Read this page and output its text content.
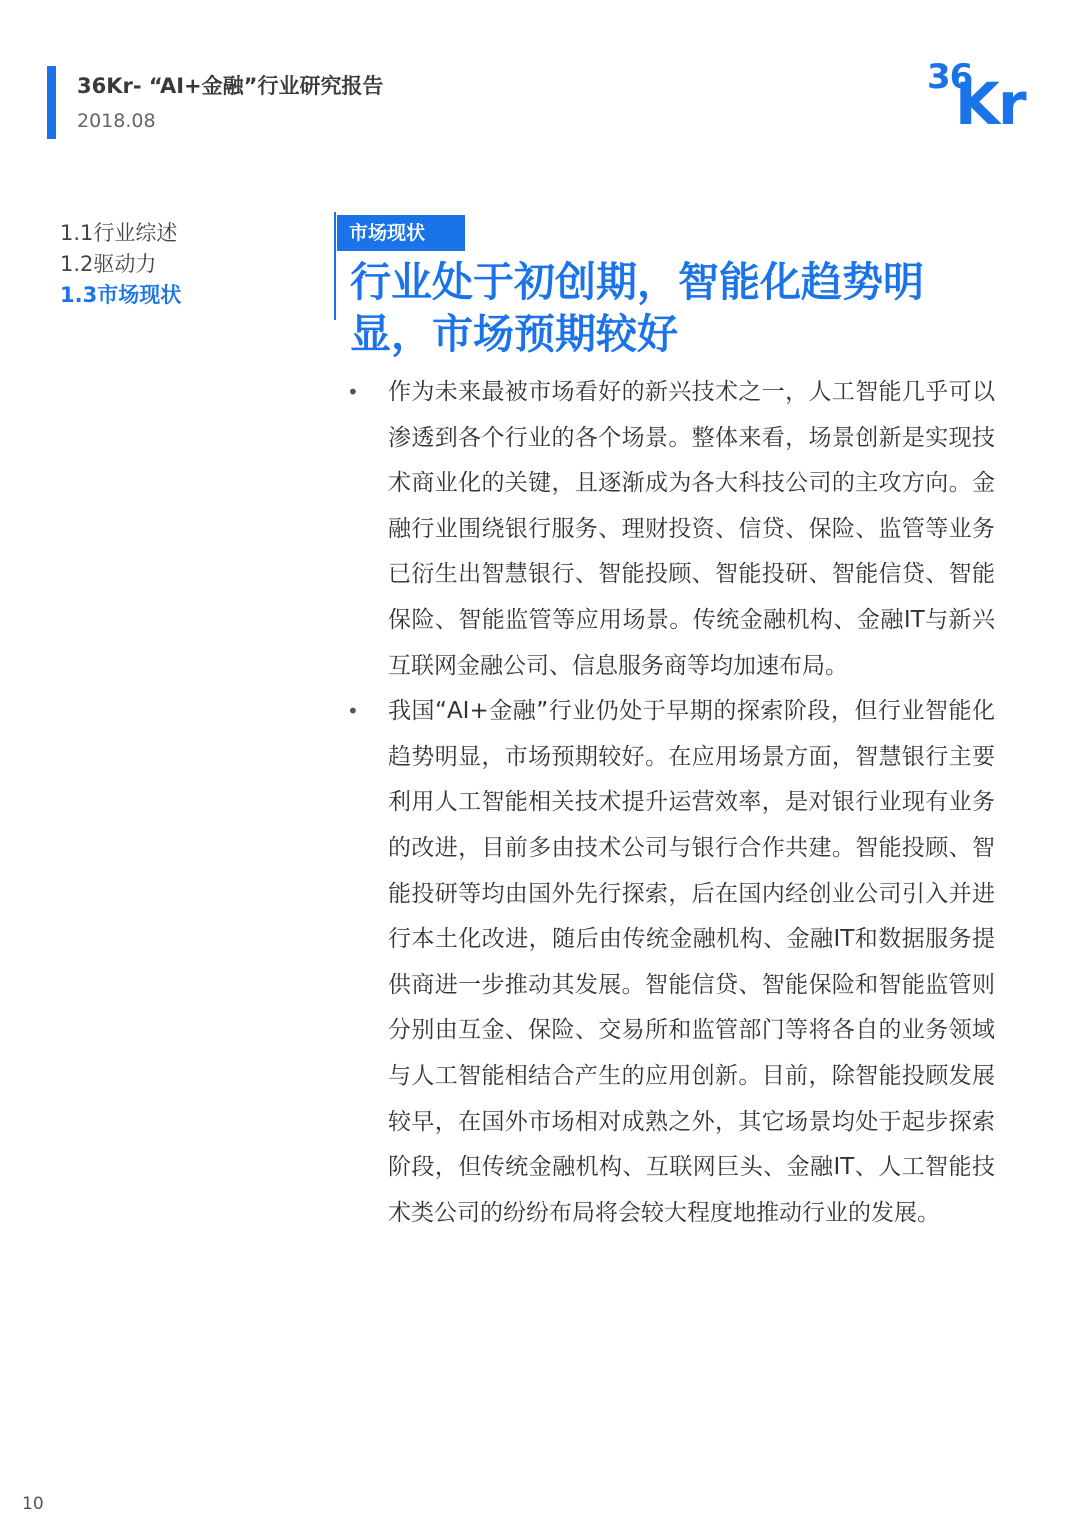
36Kr- “AI+金融”行业研究报告
2018.08
36
Kr
1.1行业综述
1.2驱动力
1.3市场现状
市场现状
行业处于初创期，智能化趋势明显，市场预期较好
• 作为未来最被市场看好的新兴技术之一，人工智能几乎可以渗透到各个行业的各个场景。整体来看，场景创新是实现技术商业化的关键，且逐渐成为各大科技公司的主攻方向。金融行业围绕银行服务、理财投资、信贷、保险、监管等业务已衍生出智慧银行、智能投顾、智能投研、智能信贷、智能保险、智能监管等应用场景。传统金融机构、金融IT与新兴互联网金融公司、信息服务商等均加速布局。
• 我国“AI+金融”行业仍处于早期的探索阶段，但行业智能化趋势明显，市场预期较好。在应用场景方面，智慧银行主要利用人工智能相关技术提升运营效率，是对银行业现有业务的改进，目前多由技术公司与银行合作共建。智能投顾、智能投研等均由国外先行探索，后在国内经创业公司引入并进行本土化改进，随后由传统金融机构、金融IT和数据服务提供商进一步推动其发展。智能信贷、智能保险和智能监管则分别由互金、保险、交易所和监管部门等将各自的业务领域与人工智能相结合产生的应用创新。目前，除智能投顾发展较早，在国外市场相对成熟之外，其它场景均处于起步探索阶段，但传统金融机构、互联网巨头、金融IT、人工智能技术类公司的纷纷布局将会较大程度地推动行业的发展。
10
